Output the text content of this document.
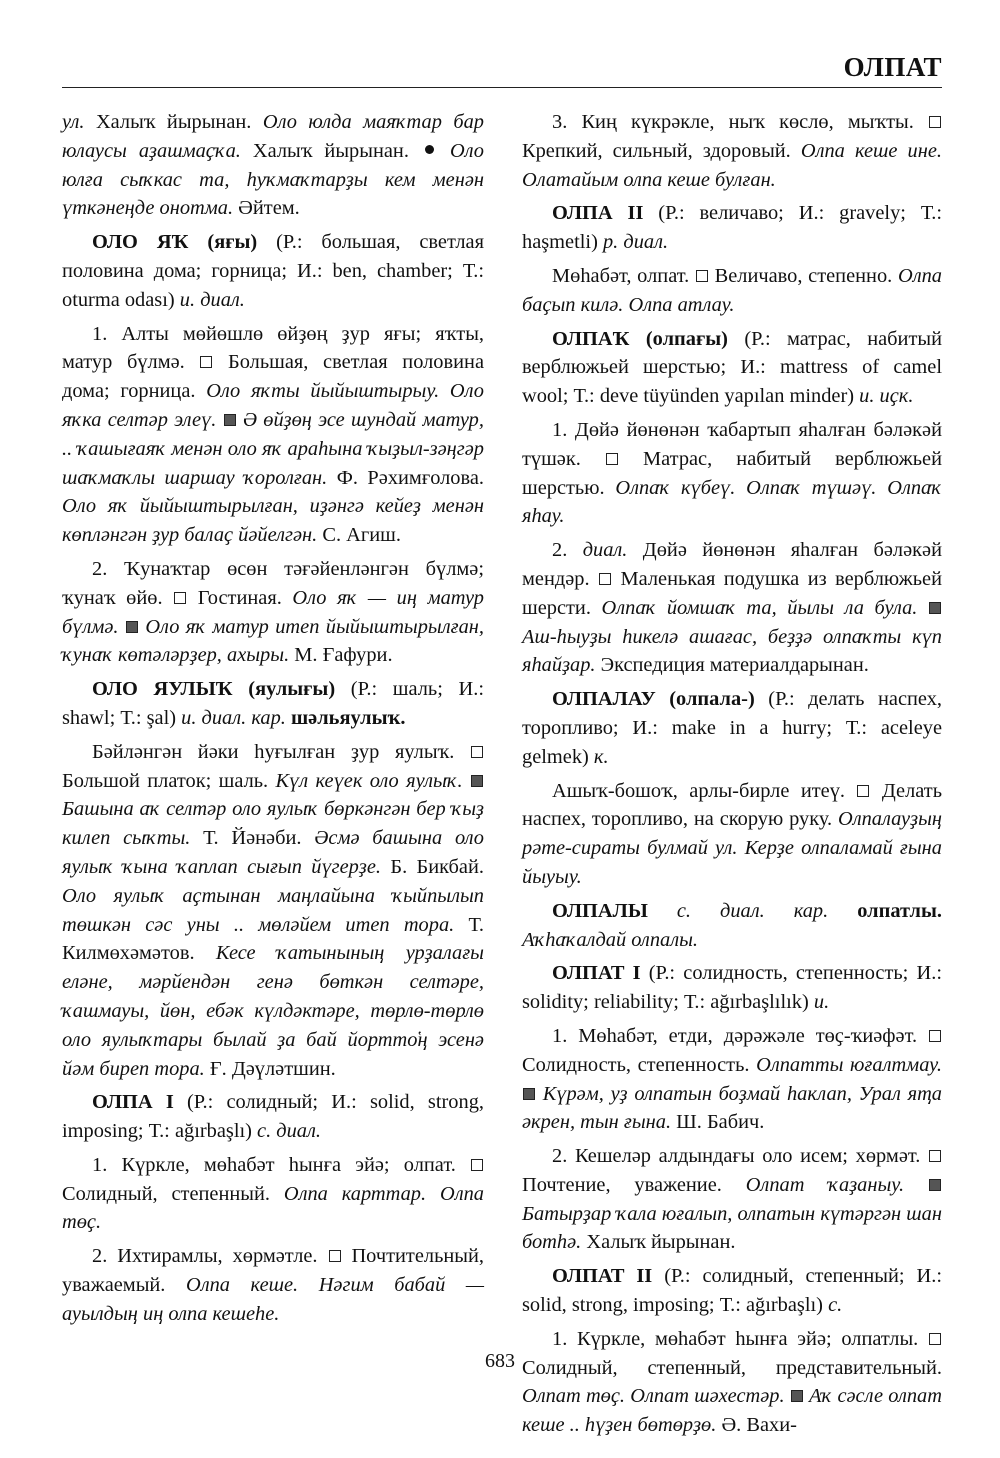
ОЛПАТ

ул. Халыҡ йырынан. Оло юлда маяҡтар бар юлаусы аҙашмаҫҡа. Халыҡ йырынан.  Оло юлға сыҡкас та, һуҡмаҡтарҙы кем менән үткәнеңде онотма. Әйтем.

ОЛО ЯҠ (яғы) (Р.: большая, светлая половина дома; горница; И.: ben, chamber; Т.: oturma odası) и. диал.

1. Алты мөйөшлө өйҙөң ҙур яғы; яҡты, матур бүлмә.  Большая, светлая половина дома; горница. Оло яҡты йыйыштырыу. Оло яҡка селтәр элеү. Ә өйҙөң эсе шундай матур, .. ҡашығаяҡ менән оло яҡ араһына ҡыҙыл-зәңгәр шаҡмаҡлы шаршау ҡоролған. Ф. Рәхимғолова. Оло яҡ йыйыштырылған, иҙәнгә кейеҙ менән көпләнгән ҙур балаҫ йәйелгән. С. Агиш.

2. Ҡунаҡтар өсөн тәғәйенләнгән бүлмә; ҡунаҡ өйө.  Гостиная. Оло яҡ — иң матур бүлмә. Оло яҡ матур итеп йыйыштырылған, ҡунаҡ көтәләрҙер, ахыры. М. Ғафури.

ОЛО ЯУЛЫҠ (яулығы) (Р.: шаль; И.: shawl; Т.: şal) и. диал. кар. шәльяулыҡ.

Бәйләнгән йәки һуғылған ҙур яулыҡ.  Большой платок; шаль. Күл кеүек оло яулыҡ.  Башына аҡ селтәр оло яулыҡ бөркәнгән бер ҡыҙ килеп сыҡты. Т. Йәнәби. Әсмә башына оло яулыҡ ҡына ҡаплап сығып йүгерҙе. Б. Бикбай. Оло яулыҡ аҫтынан маңлайына ҡыйпылып төшкән сәс уны .. мөләйем итеп тора. Т. Килмөхәмәтов. Кесе ҡатынының урҙалағы еләне, мәрйендән генә бөткән селтәре, ҡашмауы, йөн, ебәк күлдәктәре, төрлө-төрлө оло яулыҡтары былай ҙа бай йортто҅ң эсенә йәм биреп тора. Ғ. Дәүләтшин.

ОЛПА I (Р.: солидный; И.: solid, strong, imposing; Т.: ağırbaşlı) с. диал.

1. Күркле, мөһабәт һынға эйә; олпат.  Солидный, степенный. Олпа карттар. Олпа төҫ.

2. Ихтирамлы, хөрмәтле.  Почтительный, уважаемый. Олпа кеше. Нәгим бабай — ауылдың иң олпа кешеһе.

3. Киң күкрәкле, ныҡ көслө, мыҡты.  Крепкий, сильный, здоровый. Олпа кеше ине. Олатайым олпа кеше булған.

ОЛПА II (Р.: величаво; И.: gravely; Т.: haşmetli) р. диал.

Мөһабәт, олпат.  Величаво, степенно. Олпа баҫып килә. Олпа атлау.

ОЛПАҠ (олпағы) (Р.: матрас, набитый верблюжьей шерстью; И.: mattress of camel wool; Т.: deve tüyünden yapılan minder) и. иҫк.

1. Дөйә йөнөнән ҡабартып яһалған бәләкәй түшәк.  Матрас, набитый верблюжьей шерстью. Олпаҡ күбеү. Олпаҡ түшәү. Олпаҡ яһау.

2. диал. Дөйә йөнөнән яһалған бәләкәй мендәр.  Маленькая подушка из верблюжьей шерсти. Олпаҡ йомшаҡ та, йылы ла була.  Аш-һыуҙы һикелә ашағас, беҙҙә олпаҡты күп яһайҙар. Экспедиция материалдарынан.

ОЛПАЛАУ (олпала-) (Р.: делать наспех, торопливо; И.: make in a hurry; Т.: aceleye gelmek) к.

Ашыҡ-бошоҡ, арлы-бирле итеү.  Делать наспех, торопливо, на скорую руку. Олпалауҙың рәте-сираты булмай ул. Керҙе олпаламай ғына йыуыу.

ОЛПАЛЫ с. диал. кар. олпатлы. Аҡһаҡалдай олпалы.

ОЛПАТ I (Р.: солидность, степенность; И.: solidity; reliability; Т.: ağırbaşlılık) и.

1. Мөһабәт, етди, дәрәжәле төҫ-ҡиәфәт.  Солидность, степенность. Олпатты юғалтмау.  Күрәм, уҙ олпатын боҙмай һаклап, Урал яҭа әкрен, тын ғына. Ш. Бабич.

2. Кешеләр алдындағы оло исем; хөрмәт.  Почтение, уважение. Олпат ҡаҙаныу.  Батырҙар ҡала юғалып, олпатын күтәргән шан ботһә. Халыҡ йырынан.

ОЛПАТ II (Р.: солидный, степенный; И.: solid, strong, imposing; Т.: ağırbaşlı) с.

1. Күркле, мөһабәт һынға эйә; олпатлы.  Солидный, степенный, представительный. Олпат төҫ. Олпат шәхестәр. Аҡ сәсле олпат кеше .. һүҙен бөтөрҙө. Ә. Вахи-

683
